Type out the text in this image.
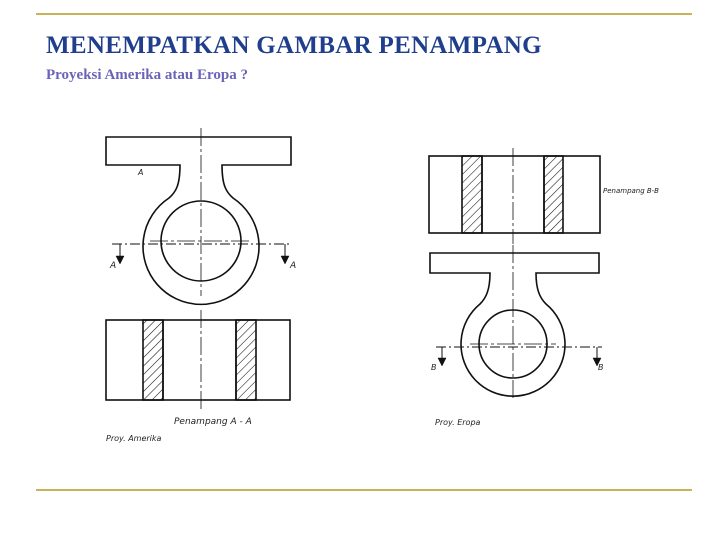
MENEMPATKAN GAMBAR PENAMPANG
Proyeksi Amerika atau Eropa ?
A
A	A
Penampang A - A
Proy. Amerika
Penampang B-B
B	B
Proy. Eropa
